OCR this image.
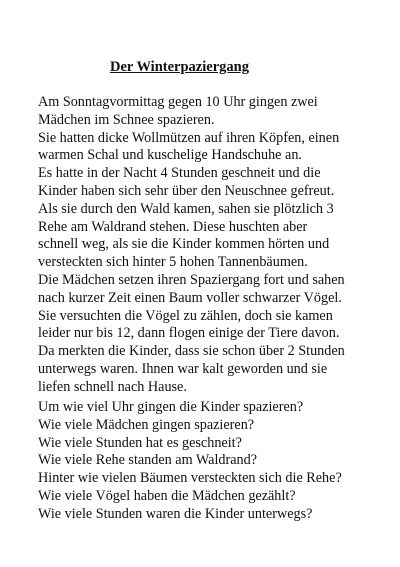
Der Winterpaziergang
Am Sonntagvormittag gegen 10 Uhr gingen zwei
Mädchen im Schnee spazieren.
Sie hatten dicke Wollmützen auf ihren Köpfen, einen
warmen Schal und kuschelige Handschuhe an.
Es hatte in der Nacht 4 Stunden geschneit und die
Kinder haben sich sehr über den Neuschnee gefreut.
Als sie durch den Wald kamen, sahen sie plötzlich 3
Rehe am Waldrand stehen. Diese huschten aber
schnell weg, als sie die Kinder kommen hörten und
versteckten sich hinter 5 hohen Tannenbäumen.
Die Mädchen setzen ihren Spaziergang fort und sahen
nach kurzer Zeit einen Baum voller schwarzer Vögel.
Sie versuchten die Vögel zu zählen, doch sie kamen
leider nur bis 12, dann flogen einige der Tiere davon.
Da merkten die Kinder, dass sie schon über 2 Stunden
unterwegs waren. Ihnen war kalt geworden und sie
liefen schnell nach Hause.
Um wie viel Uhr gingen die Kinder spazieren?
Wie viele Mädchen gingen spazieren?
Wie viele Stunden hat es geschneit?
Wie viele Rehe standen am Waldrand?
Hinter wie vielen Bäumen versteckten sich die Rehe?
Wie viele Vögel haben die Mädchen gezählt?
Wie viele Stunden waren die Kinder unterwegs?
